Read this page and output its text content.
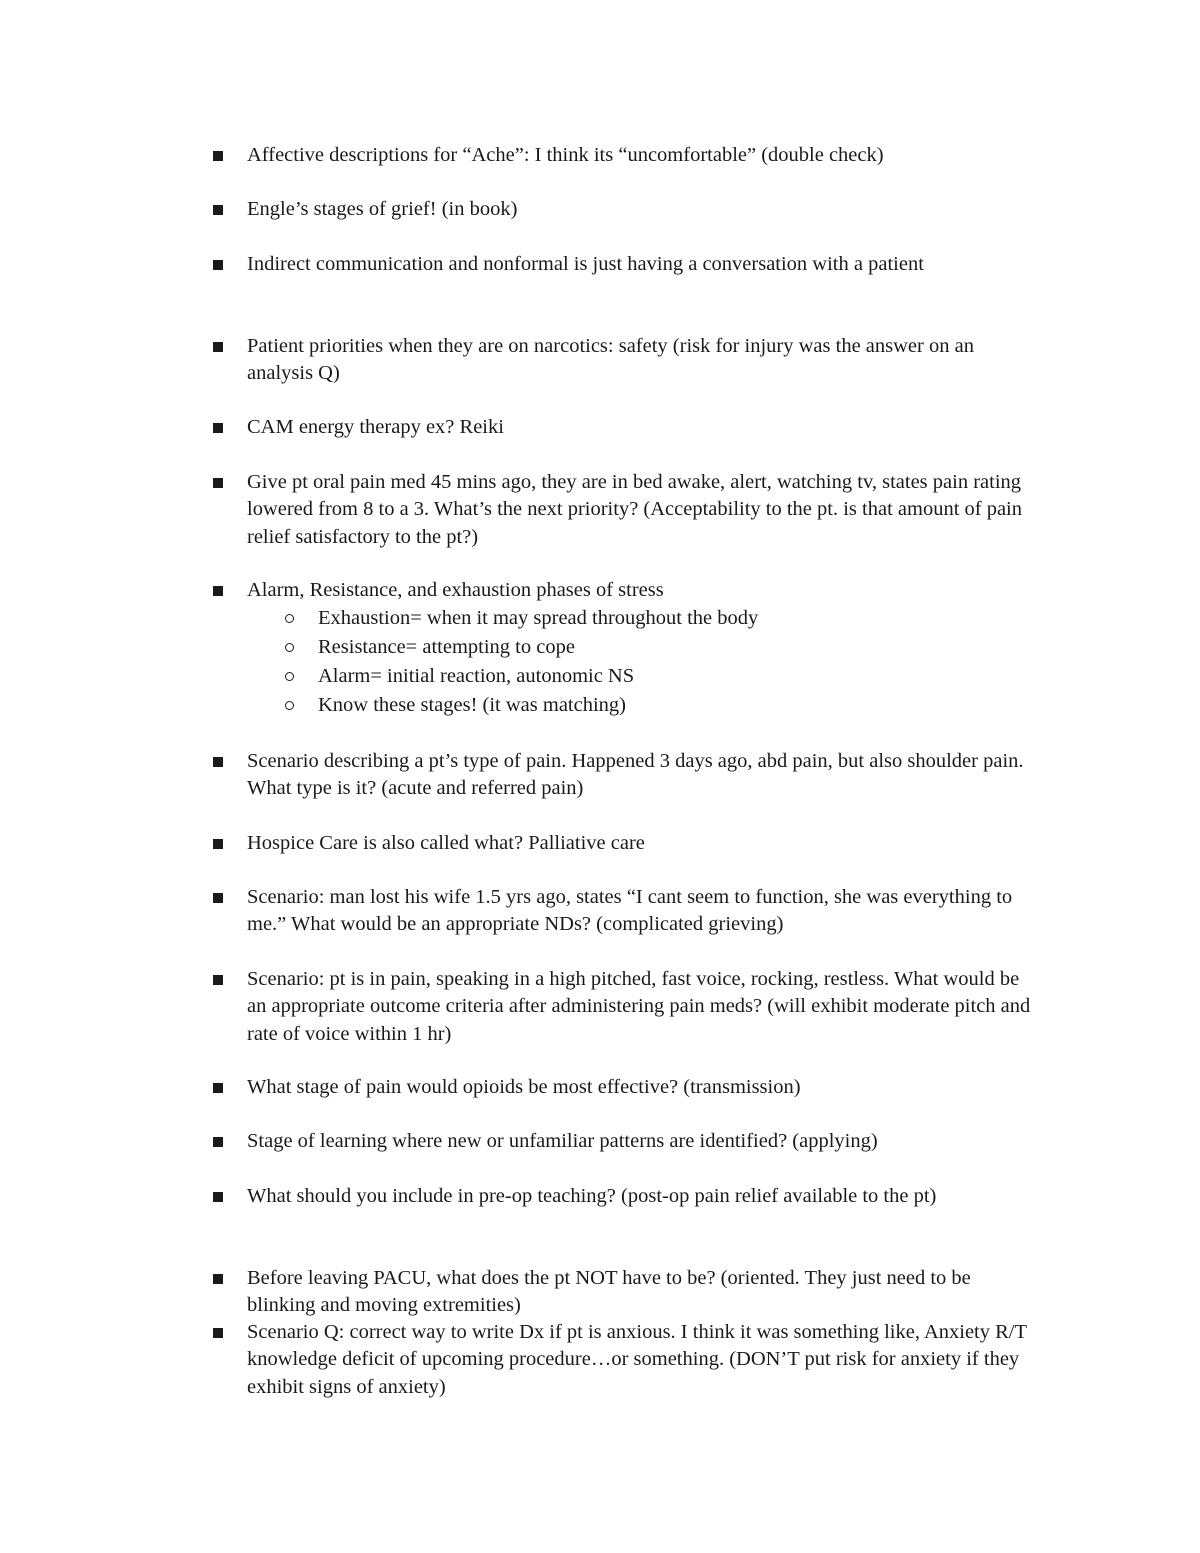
Affective descriptions for “Ache”: I think its “uncomfortable” (double check)
Engle’s stages of grief! (in book)
Indirect communication and nonformal is just having a conversation with a patient
Patient priorities when they are on narcotics: safety (risk for injury was the answer on an analysis Q)
CAM energy therapy ex? Reiki
Give pt oral pain med 45 mins ago, they are in bed awake, alert, watching tv, states pain rating lowered from 8 to a 3. What’s the next priority? (Acceptability to the pt. is that amount of pain relief satisfactory to the pt?)
Alarm, Resistance, and exhaustion phases of stress
Exhaustion= when it may spread throughout the body
Resistance= attempting to cope
Alarm= initial reaction, autonomic NS
Know these stages! (it was matching)
Scenario describing a pt’s type of pain. Happened 3 days ago, abd pain, but also shoulder pain. What type is it? (acute and referred pain)
Hospice Care is also called what? Palliative care
Scenario: man lost his wife 1.5 yrs ago, states “I cant seem to function, she was everything to me.” What would be an appropriate NDs? (complicated grieving)
Scenario: pt is in pain, speaking in a high pitched, fast voice, rocking, restless. What would be an appropriate outcome criteria after administering pain meds? (will exhibit moderate pitch and rate of voice within 1 hr)
What stage of pain would opioids be most effective? (transmission)
Stage of learning where new or unfamiliar patterns are identified? (applying)
What should you include in pre-op teaching? (post-op pain relief available to the pt)
Before leaving PACU, what does the pt NOT have to be? (oriented. They just need to be blinking and moving extremities)
Scenario Q: correct way to write Dx if pt is anxious. I think it was something like, Anxiety R/T knowledge deficit of upcoming procedure…or something. (DON’T put risk for anxiety if they exhibit signs of anxiety)
